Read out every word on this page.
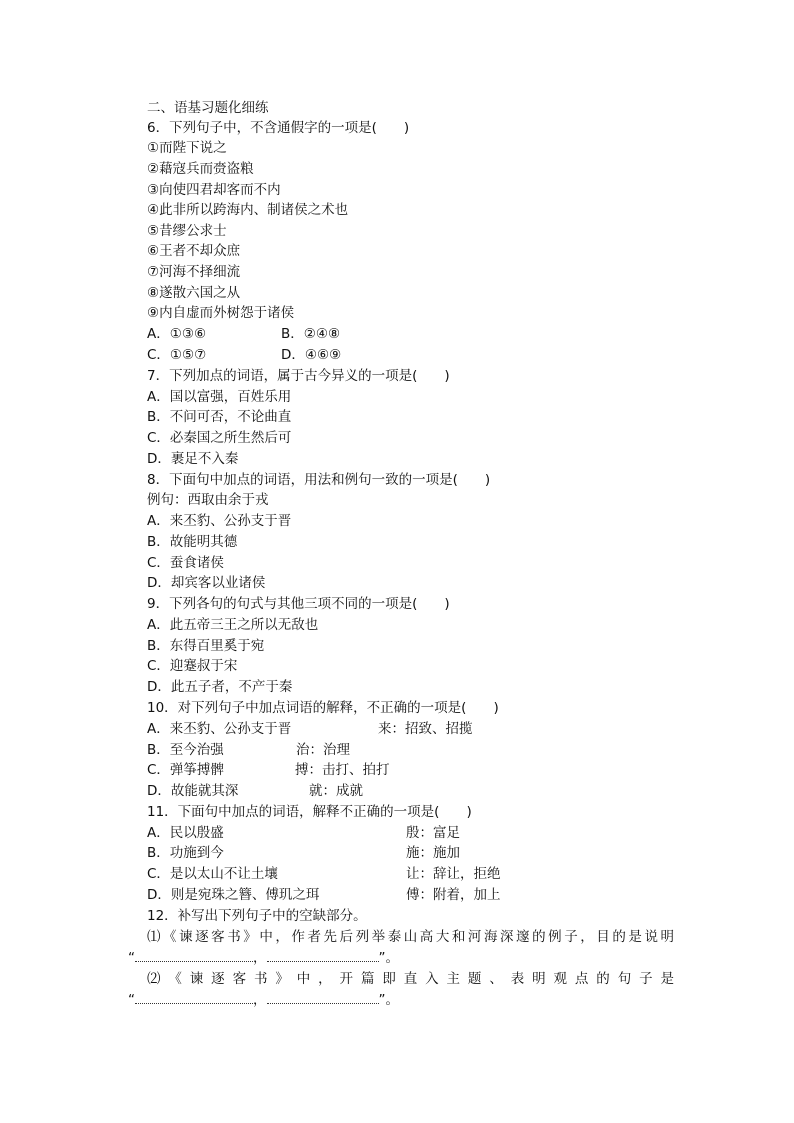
二、语基习题化细练
6．下列句子中，不含通假字的一项是(　　)
①而陛下说之
②藉寇兵而赍盗粮
③向使四君却客而不内
④此非所以跨海内、制诸侯之术也
⑤昔缪公求士
⑥王者不却众庶
⑦河海不择细流
⑧遂散六国之从
⑨内自虚而外树怨于诸侯
A．①③⑥	B．②④⑧
C．①⑤⑦	D．④⑥⑨
7．下列加点的词语，属于古今异义的一项是(　　)
A．国以富强，百姓乐用
B．不问可否，不论曲直
C．必秦国之所生然后可
D．裹足不入秦
8．下面句中加点的词语，用法和例句一致的一项是(　　)
例句：西取由余于戎
A．来丕豹、公孙支于晋
B．故能明其德
C．蚕食诸侯
D．却宾客以业诸侯
9．下列各句的句式与其他三项不同的一项是(　　)
A．此五帝三王之所以无敌也
B．东得百里奚于宛
C．迎蹇叔于宋
D．此五子者，不产于秦
10．对下列句子中加点词语的解释，不正确的一项是(　　)
A．来丕豹、公孙支于晋	来：招致、招揽
B．至今治强	治：治理
C．弹筝搏髀	搏：击打、拍打
D．故能就其深	就：成就
11．下面句中加点的词语，解释不正确的一项是(　　)
A．民以殷盛	殷：富足
B．功施到今	施：施加
C．是以太山不让土壤	让：辞让，拒绝
D．则是宛珠之簪、傅玑之珥	傅：附着，加上
12．补写出下列句子中的空缺部分。
⑴《谏逐客书》中，作者先后列举泰山高大和河海深邃的例子，目的是说明
“	，	”。
⑵《谏逐客书》中，开篇即直入主题、表明观点的句子是
“	，	”。
